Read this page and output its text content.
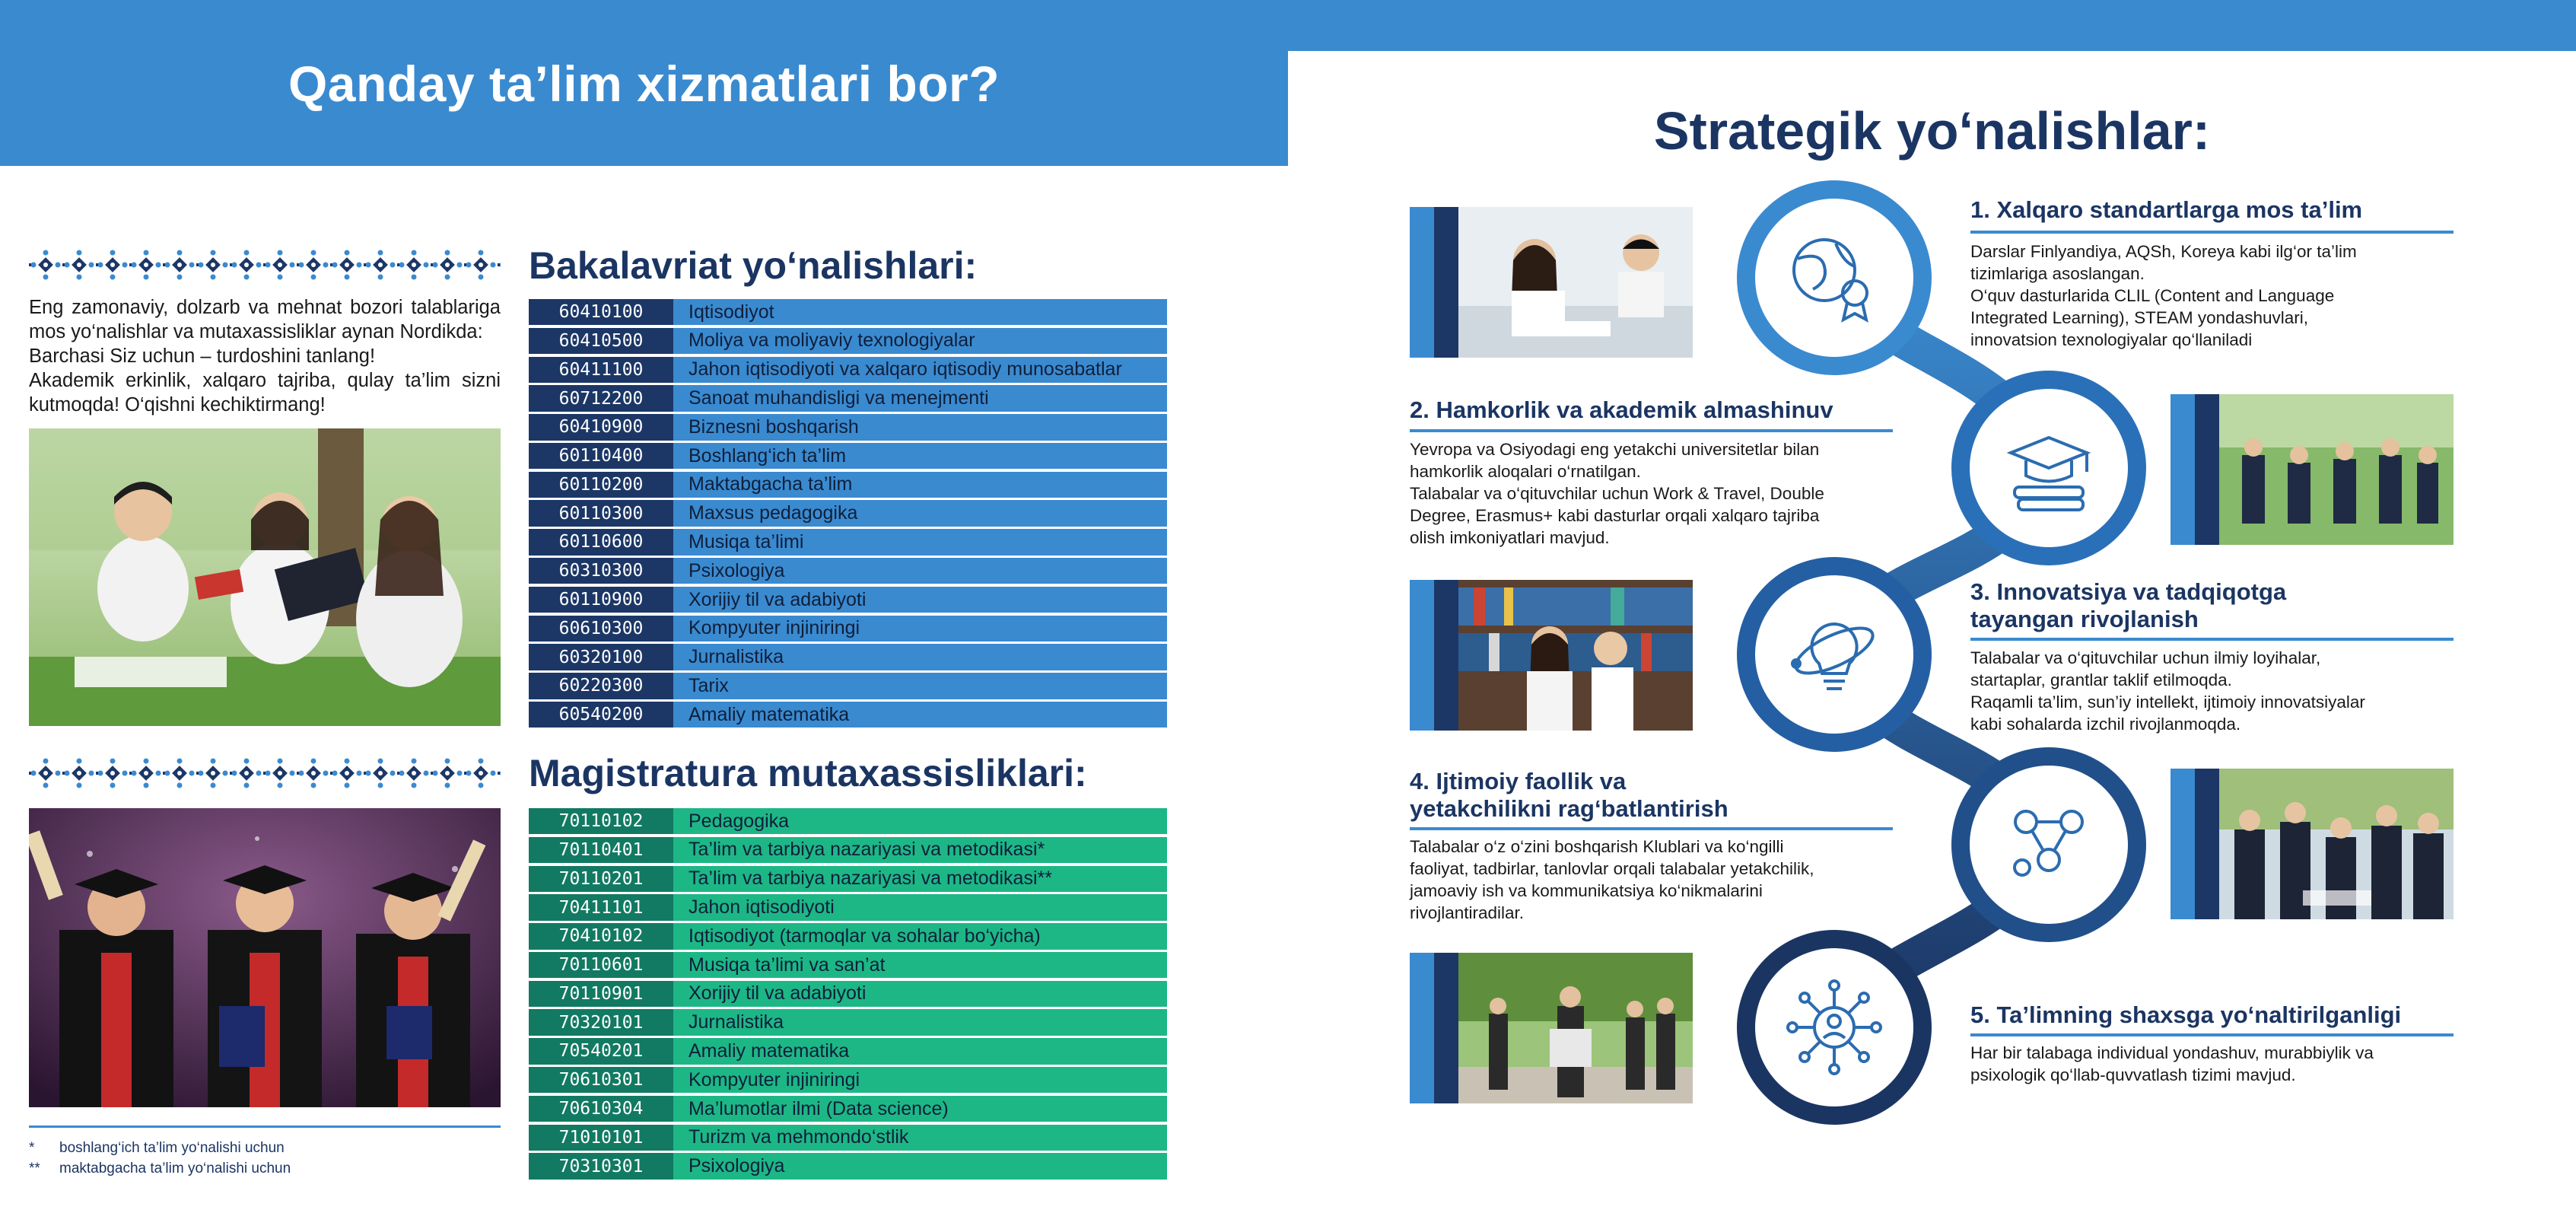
Qanday ta’lim xizmatlari bor?

Eng zamonaviy, dolzarb va mehnat bozori talablariga mos yo‘nalishlar va mutaxassisliklar aynan Nordikda:

Barchasi Siz uchun – turdoshini tanlang!

Akademik erkinlik, xalqaro tajriba, qulay ta’lim sizni kutmoqda! O‘qishni kechiktirmang!

Bakalavriat yo‘nalishlari:
60410100	Iqtisodiyot
60410500	Moliya va moliyaviy texnologiyalar
60411100	Jahon iqtisodiyoti va xalqaro iqtisodiy munosabatlar
60712200	Sanoat muhandisligi va menejmenti
60410900	Biznesni boshqarish
60110400	Boshlang‘ich ta’lim
60110200	Maktabgacha ta’lim
60110300	Maxsus pedagogika
60110600	Musiqa ta’limi
60310300	Psixologiya
60110900	Xorijiy til va adabiyoti
60610300	Kompyuter injiniringi
60320100	Jurnalistika
60220300	Tarix
60540200	Amaliy matematika
Magistratura mutaxassisliklari:
70110102	Pedagogika
70110401	Ta’lim va tarbiya nazariyasi va metodikasi*
70110201	Ta’lim va tarbiya nazariyasi va metodikasi**
70411101	Jahon iqtisodiyoti
70410102	Iqtisodiyot (tarmoqlar va sohalar bo‘yicha)
70110601	Musiqa ta’limi va san’at
70110901	Xorijiy til va adabiyoti
70320101	Jurnalistika
70540201	Amaliy matematika
70610301	Kompyuter injiniringi
70610304	Ma’lumotlar ilmi (Data science)
71010101	Turizm va mehmondo‘stlik
70310301	Psixologiya
* boshlang‘ich ta’lim yo‘nalishi uchun
** maktabgacha ta’lim yo‘nalishi uchun
Strategik yo‘nalishlar:
1. Xalqaro standartlarga mos ta’lim
Darslar Finlyandiya, AQSh, Koreya kabi ilg‘or ta’lim
tizimlariga asoslangan.
O‘quv dasturlarida CLIL (Content and Language
Integrated Learning), STEAM yondashuvlari,
innovatsion texnologiyalar qo‘llaniladi
2. Hamkorlik va akademik almashinuv
Yevropa va Osiyodagi eng yetakchi universitetlar bilan
hamkorlik aloqalari o‘rnatilgan.
Talabalar va o‘qituvchilar uchun Work & Travel, Double
Degree, Erasmus+ kabi dasturlar orqali xalqaro tajriba
olish imkoniyatlari mavjud.
3. Innovatsiya va tadqiqotga
tayangan rivojlanish
Talabalar va o‘qituvchilar uchun ilmiy loyihalar,
startaplar, grantlar taklif etilmoqda.
Raqamli ta’lim, sun’iy intellekt, ijtimoiy innovatsiyalar
kabi sohalarda izchil rivojlanmoqda.
4. Ijtimoiy faollik va
yetakchilikni rag‘batlantirish
Talabalar o‘z o‘zini boshqarish Klublari va ko‘ngilli
faoliyat, tadbirlar, tanlovlar orqali talabalar yetakchilik,
jamoaviy ish va kommunikatsiya ko‘nikmalarini
rivojlantiradilar.
5. Ta’limning shaxsga yo‘naltirilganligi
Har bir talabaga individual yondashuv, murabbiylik va
psixologik qo‘llab-quvvatlash tizimi mavjud.
